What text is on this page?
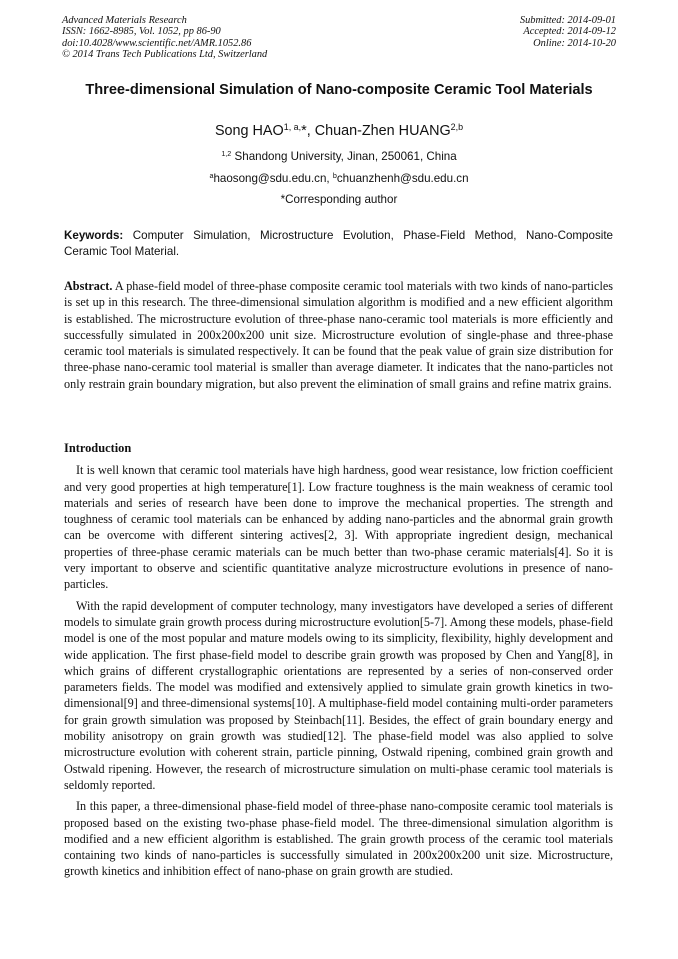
Advanced Materials Research
ISSN: 1662-8985, Vol. 1052, pp 86-90
doi:10.4028/www.scientific.net/AMR.1052.86
© 2014 Trans Tech Publications Ltd, Switzerland
Submitted: 2014-09-01
Accepted: 2014-09-12
Online: 2014-10-20
Three-dimensional Simulation of Nano-composite Ceramic Tool Materials
Song $HAO^{1, a,}*$, Chuan-Zhen HUANG$^{2,b}$
$^{1,2}$ Shandong University, Jinan, 250061, China
$^a$haosong@sdu.edu.cn, $^b$chuanzhenh@sdu.edu.cn
*Corresponding author
Keywords: Computer Simulation, Microstructure Evolution, Phase-Field Method, Nano-Composite Ceramic Tool Material.

Abstract. A phase-field model of three-phase composite ceramic tool materials with two kinds of nano-particles is set up in this research. The three-dimensional simulation algorithm is modified and a new efficient algorithm is established. The microstructure evolution of three-phase nano-ceramic tool materials is more efficiently and successfully simulated in 200x200x200 unit size. Microstructure evolution of single-phase and three-phase ceramic tool materials is simulated respectively. It can be found that the peak value of grain size distribution for three-phase nano-ceramic tool material is smaller than average diameter. It indicates that the nano-particles not only restrain grain boundary migration, but also prevent the elimination of small grains and refine matrix grains.

Introduction

It is well known that ceramic tool materials have high hardness, good wear resistance, low friction coefficient and very good properties at high temperature[1]. Low fracture toughness is the main weakness of ceramic tool materials and series of research have been done to improve the mechanical properties. The strength and toughness of ceramic tool materials can be enhanced by adding nano-particles and the abnormal grain growth can be overcome with different sintering actives[2, 3]. With appropriate ingredient design, mechanical properties of three-phase ceramic materials can be much better than two-phase ceramic materials[4]. So it is very important to observe and scientific quantitative analyze microstructure evolutions in presence of nano-particles.

With the rapid development of computer technology, many investigators have developed a series of different models to simulate grain growth process during microstructure evolution[5-7]. Among these models, phase-field model is one of the most popular and mature models owing to its simplicity, flexibility, highly development and wide application. The first phase-field model to describe grain growth was proposed by Chen and Yang[8], in which grains of different crystallographic orientations are represented by a series of non-conserved order parameters fields. The model was modified and extensively applied to simulate grain growth kinetics in two-dimensional[9] and three-dimensional systems[10]. A multiphase-field model containing multi-order parameters for grain growth simulation was proposed by Steinbach[11]. Besides, the effect of grain boundary energy and mobility anisotropy on grain growth was studied[12]. The phase-field model was also applied to solve microstructure evolution with coherent strain, particle pinning, Ostwald ripening, combined grain growth and Ostwald ripening. However, the research of microstructure simulation on multi-phase ceramic tool materials is seldomly reported.

In this paper, a three-dimensional phase-field model of three-phase nano-composite ceramic tool materials is proposed based on the existing two-phase phase-field model. The three-dimensional simulation algorithm is modified and a new efficient algorithm is established. The grain growth process of the ceramic tool materials containing two kinds of nano-particles is successfully simulated in 200x200x200 unit size. Microstructure, growth kinetics and inhibition effect of nano-phase on grain growth are studied.
